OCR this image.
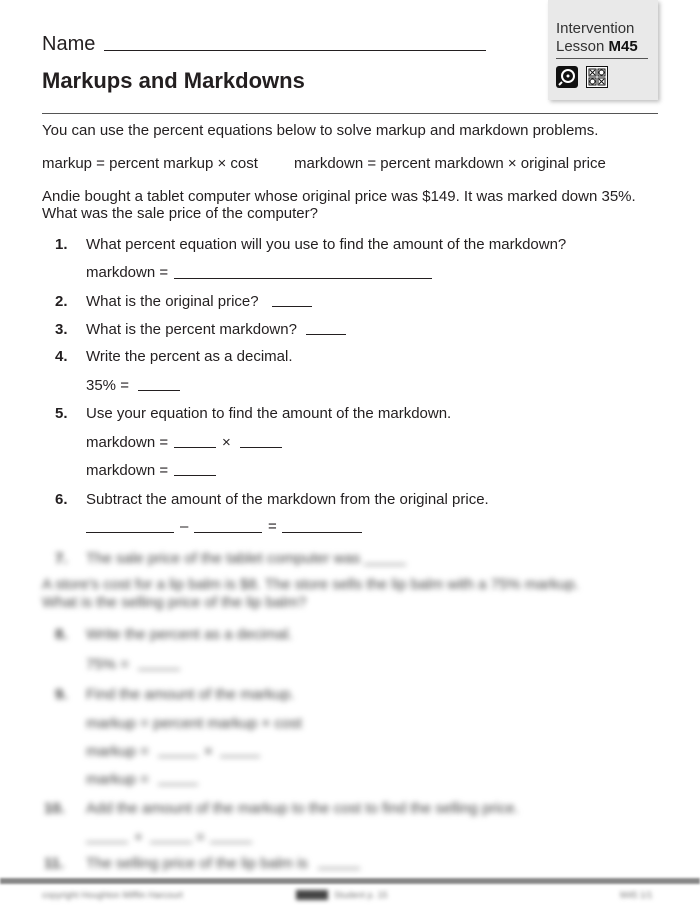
Name
Markups and Markdowns
Intervention
Lesson M45
You can use the percent equations below to solve markup and markdown problems.
markup = percent markup × cost markdown = percent markdown × original price
Andie bought a tablet computer whose original price was $149. It was marked down 35%.
What was the sale price of the computer?
1. What percent equation will you use to find the amount of the markdown?
markdown =
2. What is the original price?
3. What is the percent markdown?
4. Write the percent as a decimal.
35% =
5. Use your equation to find the amount of the markdown.
markdown =	×
markdown =
6. Subtract the amount of the markdown from the original price.
–	=
7. The sale price of the tablet computer was
A store's cost for a lip balm is $8. The store sells the lip balm with a 75% markup.
What is the selling price of the lip balm?
8. Write the percent as a decimal.
75% =
9. Find the amount of the markup.
markup = percent markup × cost
markup =	×
markup =
10. Add the amount of the markup to the cost to find the selling price.
+	=
11. The selling price of the lip balm is
copyright Houghton Mifflin Harcourt	Student p. 15	M45 1/1
